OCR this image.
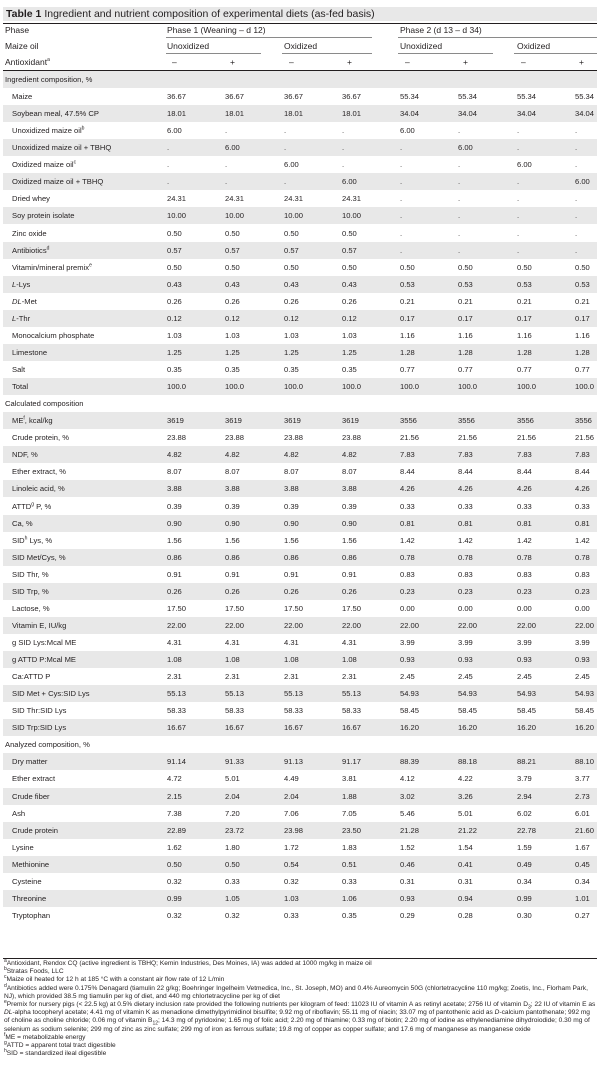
Table 1 Ingredient and nutrient composition of experimental diets (as-fed basis)
Phase	Phase 1 (Weaning – d 12)	Phase 2 (d 13 – d 34)
Maize oil	Unoxidized	Oxidized	Unoxidized	Oxidized
Antioxidant$^a$	–	+	–	+	–	+	–	+
Ingredient composition, %
Maize	36.67	36.67	36.67	36.67	55.34	55.34	55.34	55.34
Soybean meal, 47.5% CP	18.01	18.01	18.01	18.01	34.04	34.04	34.04	34.04
Unoxidized maize oil$^b$	6.00	.	.	.	6.00	.	.	.
Unoxidized maize oil + TBHQ	.	6.00	.	.	.	6.00	.	.
Oxidized maize oil$^c$	.	.	6.00	.	.	.	6.00	.
Oxidized maize oil + TBHQ	.	.	.	6.00	.	.	.	6.00
Dried whey	24.31	24.31	24.31	24.31	.	.	.	.
Soy protein isolate	10.00	10.00	10.00	10.00	.	.	.	.
Zinc oxide	0.50	0.50	0.50	0.50	.	.	.	.
Antibiotics$^d$	0.57	0.57	0.57	0.57	.	.	.	.
Vitamin/mineral premix$^e$	0.50	0.50	0.50	0.50	0.50	0.50	0.50	0.50
L-Lys	0.43	0.43	0.43	0.43	0.53	0.53	0.53	0.53
DL-Met	0.26	0.26	0.26	0.26	0.21	0.21	0.21	0.21
L-Thr	0.12	0.12	0.12	0.12	0.17	0.17	0.17	0.17
Monocalcium phosphate	1.03	1.03	1.03	1.03	1.16	1.16	1.16	1.16
Limestone	1.25	1.25	1.25	1.25	1.28	1.28	1.28	1.28
Salt	0.35	0.35	0.35	0.35	0.77	0.77	0.77	0.77
Total	100.0	100.0	100.0	100.0	100.0	100.0	100.0	100.0
Calculated composition
$ME^f$, kcal/kg	3619	3619	3619	3619	3556	3556	3556	3556
Crude protein, %	23.88	23.88	23.88	23.88	21.56	21.56	21.56	21.56
NDF, %	4.82	4.82	4.82	4.82	7.83	7.83	7.83	7.83
Ether extract, %	8.07	8.07	8.07	8.07	8.44	8.44	8.44	8.44
Linoleic acid, %	3.88	3.88	3.88	3.88	4.26	4.26	4.26	4.26
ATTD$^g$ P, %	0.39	0.39	0.39	0.39	0.33	0.33	0.33	0.33
Ca, %	0.90	0.90	0.90	0.90	0.81	0.81	0.81	0.81
SID$^h$ Lys, %	1.56	1.56	1.56	1.56	1.42	1.42	1.42	1.42
SID Met/Cys, %	0.86	0.86	0.86	0.86	0.78	0.78	0.78	0.78
SID Thr, %	0.91	0.91	0.91	0.91	0.83	0.83	0.83	0.83
SID Trp, %	0.26	0.26	0.26	0.26	0.23	0.23	0.23	0.23
Lactose, %	17.50	17.50	17.50	17.50	0.00	0.00	0.00	0.00
Vitamin E, IU/kg	22.00	22.00	22.00	22.00	22.00	22.00	22.00	22.00
g SID Lys:Mcal ME	4.31	4.31	4.31	4.31	3.99	3.99	3.99	3.99
g ATTD P:Mcal ME	1.08	1.08	1.08	1.08	0.93	0.93	0.93	0.93
Ca:ATTD P	2.31	2.31	2.31	2.31	2.45	2.45	2.45	2.45
SID Met + Cys:SID Lys	55.13	55.13	55.13	55.13	54.93	54.93	54.93	54.93
SID Thr:SID Lys	58.33	58.33	58.33	58.33	58.45	58.45	58.45	58.45
SID Trp:SID Lys	16.67	16.67	16.67	16.67	16.20	16.20	16.20	16.20
Analyzed composition, %
Dry matter	91.14	91.33	91.13	91.17	88.39	88.18	88.21	88.10
Ether extract	4.72	5.01	4.49	3.81	4.12	4.22	3.79	3.77
Crude fiber	2.15	2.04	2.04	1.88	3.02	3.26	2.94	2.73
Ash	7.38	7.20	7.06	7.05	5.46	5.01	6.02	6.01
Crude protein	22.89	23.72	23.98	23.50	21.28	21.22	22.78	21.60
Lysine	1.62	1.80	1.72	1.83	1.52	1.54	1.59	1.67
Methionine	0.50	0.50	0.54	0.51	0.46	0.41	0.49	0.45
Cysteine	0.32	0.33	0.32	0.33	0.31	0.31	0.34	0.34
Threonine	0.99	1.05	1.03	1.06	0.93	0.94	0.99	1.01
Tryptophan	0.32	0.32	0.33	0.35	0.29	0.28	0.30	0.27
$^a$Antioxidant, Rendox CQ (active ingredient is TBHQ; Kemin Industries, Des Moines, IA) was added at 1000 mg/kg in maize oil
$^b$Stratas Foods, LLC
$^c$Maize oil heated for 12 h at 185 °C with a constant air flow rate of 12 L/min
$^d$Antibiotics added were 0.175% Denagard (tiamulin 22 g/kg; Boehringer Ingelheim Vetmedica, Inc., St. Joseph, MO) and 0.4% Aureomycin 50G (chlortetracycline 110 mg/kg; Zoetis, Inc., Florham Park, NJ), which provided 38.5 mg tiamulin per kg of diet, and 440 mg chlortetracycline per kg of diet
$^e$Premix for nursery pigs (< 22.5 kg) at 0.5% dietary inclusion rate provided the following nutrients per kilogram of feed: 11023 IU of vitamin A as retinyl acetate; 2756 IU of vitamin $D_3$; 22 IU of vitamin E as DL-alpha tocopheryl acetate; 4.41 mg of vitamin K as menadione dimethylpyrimidinol bisulfite; 9.92 mg of riboflavin; 55.11 mg of niacin; 33.07 mg of pantothenic acid as D-calcium pantothenate; 992 mg of choline as choline chloride; 0.06 mg of vitamin $B_{12}$; 14.3 mg of pyridoxine; 1.65 mg of folic acid; 2.20 mg of thiamine; 0.33 mg of biotin; 2.20 mg of iodine as ethylenediamine dihydroiodide; 0.30 mg of selenium as sodium selenite; 299 mg of zinc as zinc sulfate; 299 mg of iron as ferrous sulfate; 19.8 mg of copper as copper sulfate; and 17.6 mg of manganese as manganese oxide
$^f$ME = metabolizable energy
$^g$ATTD = apparent total tract digestible
$^h$SID = standardized ileal digestible
